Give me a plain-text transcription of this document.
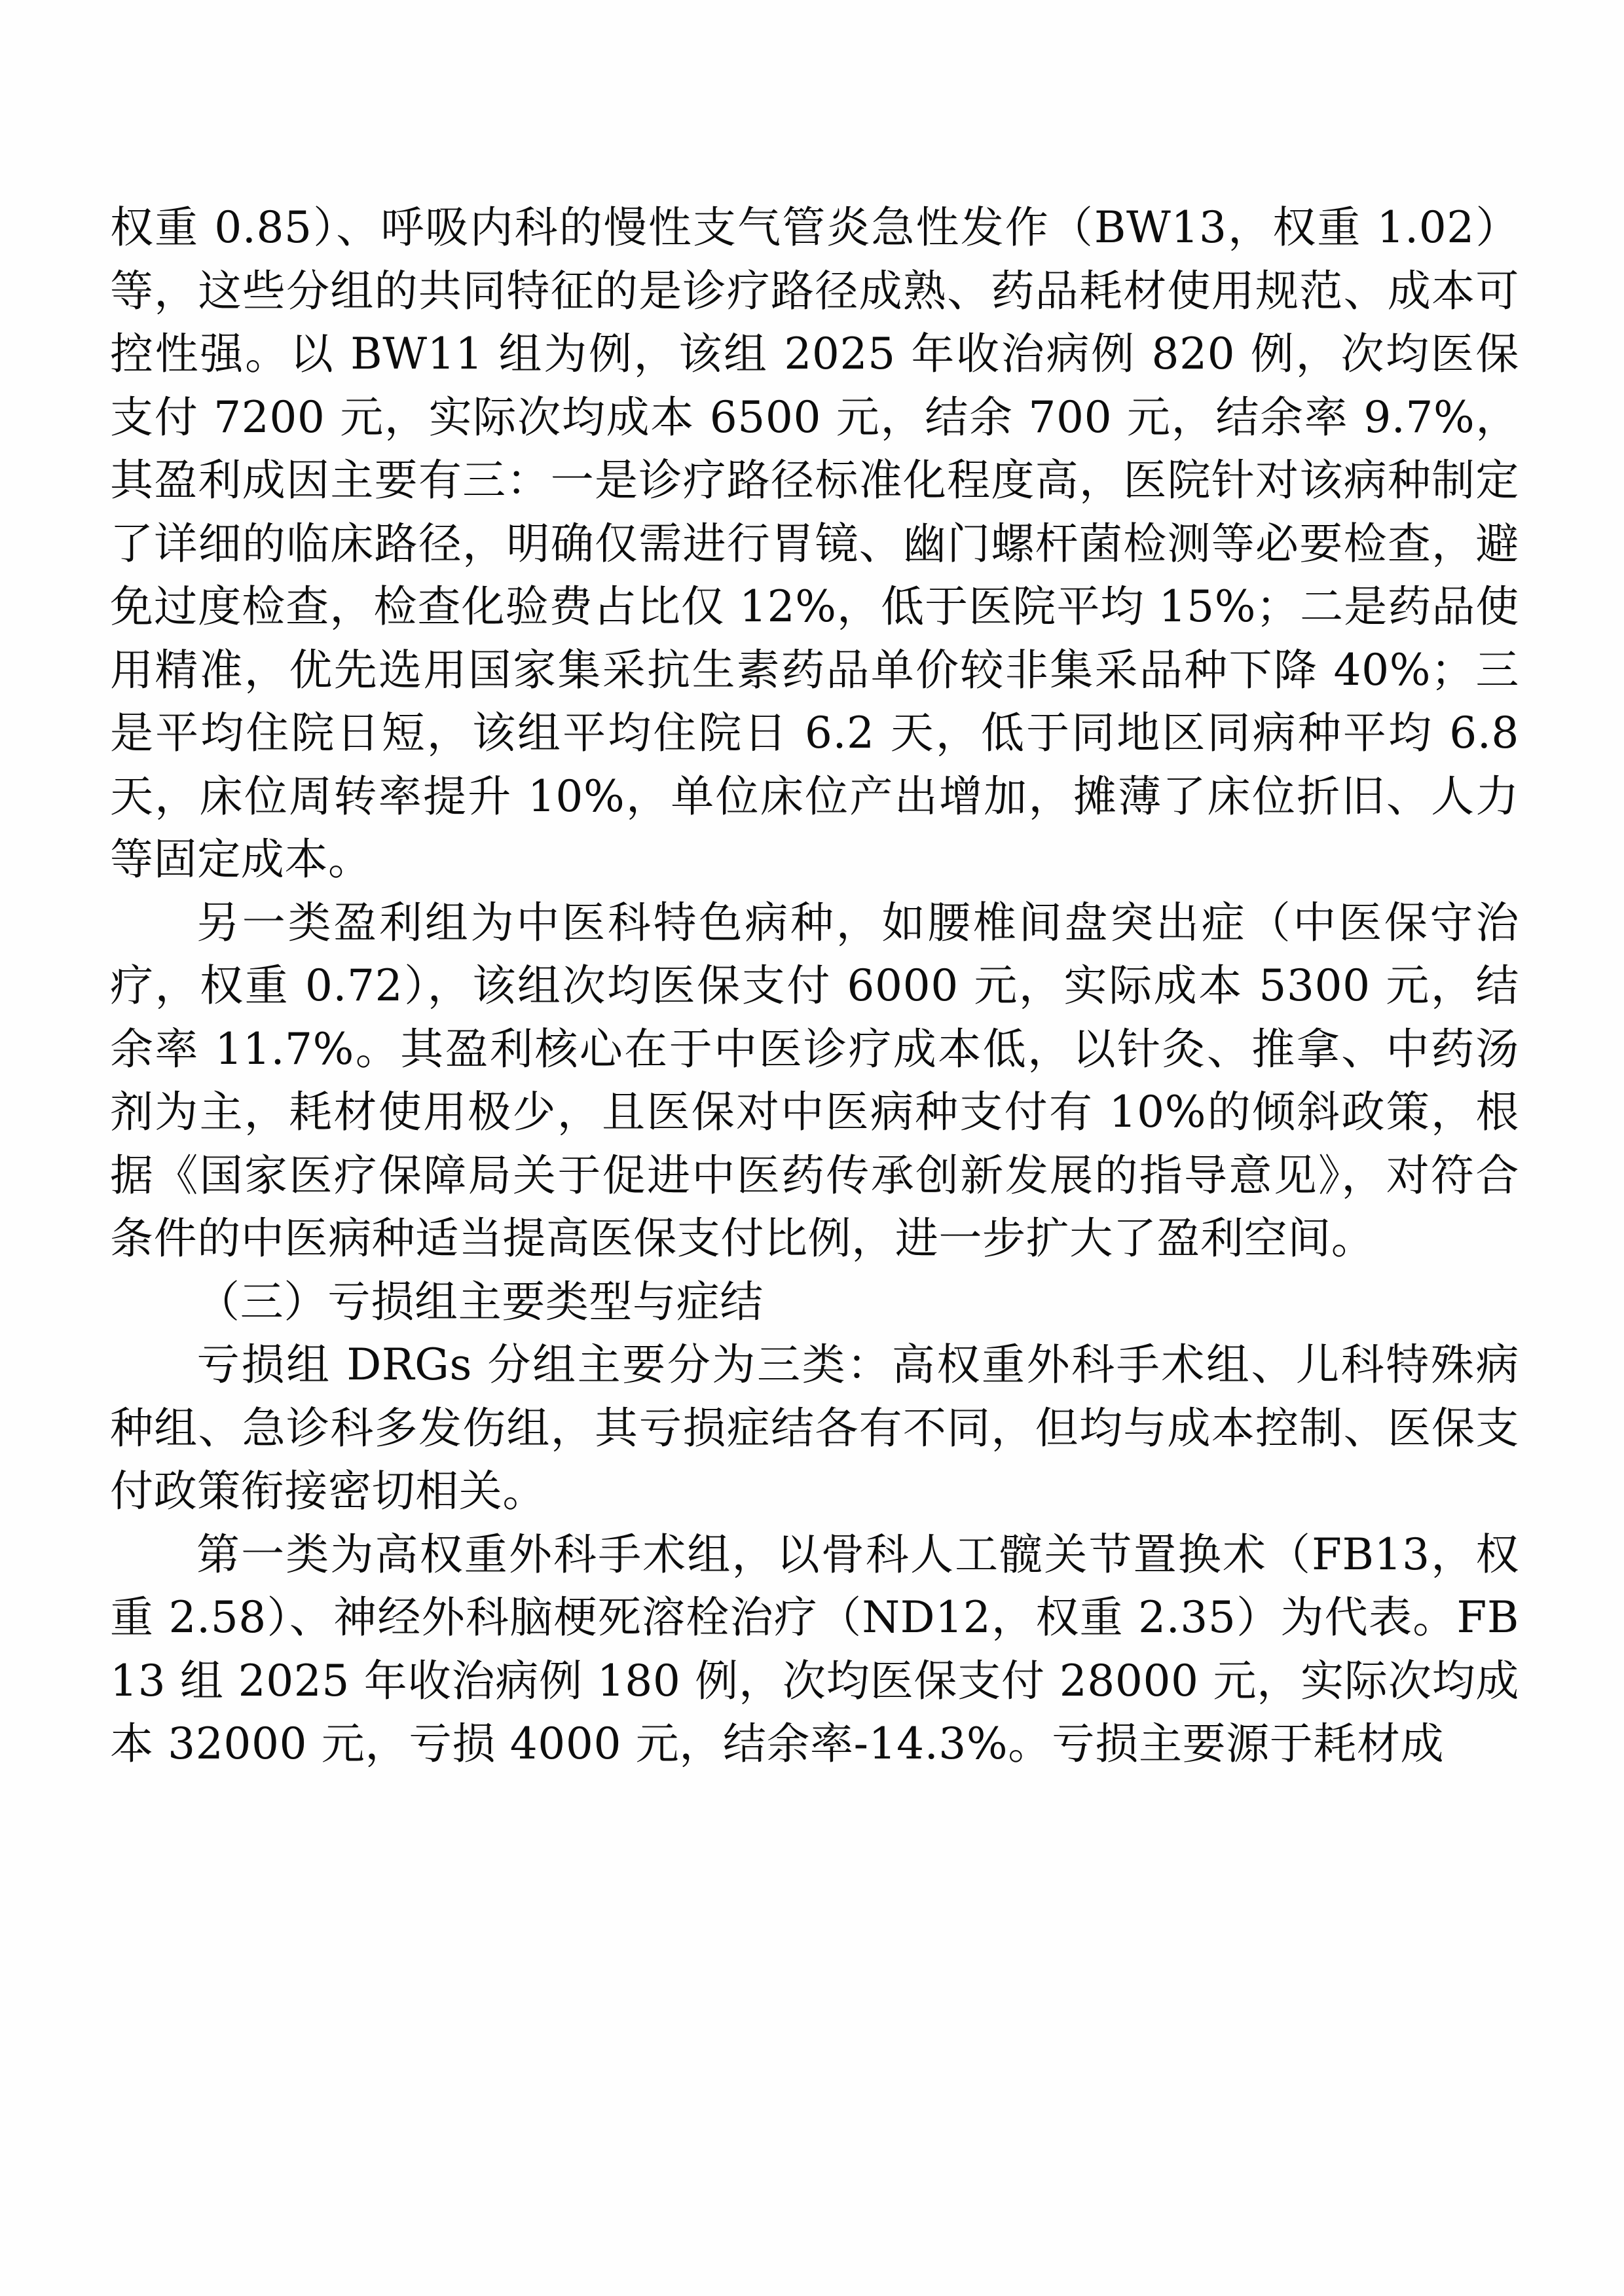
权重 0.85）、呼吸内科的慢性支气管炎急性发作（BW13，权重 1.02）等，这些分组的共同特征的是诊疗路径成熟、药品耗材使用规范、成本可控性强。以 BW11 组为例，该组 2025 年收治病例 820 例，次均医保支付 7200 元，实际次均成本 6500 元，结余 700 元，结余率 9.7%，其盈利成因主要有三：一是诊疗路径标准化程度高，医院针对该病种制定了详细的临床路径，明确仅需进行胃镜、幽门螺杆菌检测等必要检查，避免过度检查，检查化验费占比仅 12%，低于医院平均 15%；二是药品使用精准，优先选用国家集采抗生素药品单价较非集采品种下降 40%；三是平均住院日短，该组平均住院日 6.2 天，低于同地区同病种平均 6.8 天，床位周转率提升 10%，单位床位产出增加，摊薄了床位折旧、人力等固定成本。

另一类盈利组为中医科特色病种，如腰椎间盘突出症（中医保守治疗，权重 0.72），该组次均医保支付 6000 元，实际成本 5300 元，结余率 11.7%。其盈利核心在于中医诊疗成本低，以针灸、推拿、中药汤剂为主，耗材使用极少，且医保对中医病种支付有 10%的倾斜政策，根据《国家医疗保障局关于促进中医药传承创新发展的指导意见》，对符合条件的中医病种适当提高医保支付比例，进一步扩大了盈利空间。

（三）亏损组主要类型与症结

亏损组 DRGs 分组主要分为三类：高权重外科手术组、儿科特殊病种组、急诊科多发伤组，其亏损症结各有不同，但均与成本控制、医保支付政策衔接密切相关。

第一类为高权重外科手术组，以骨科人工髋关节置换术（FB13，权重 2.58）、神经外科脑梗死溶栓治疗（ND12，权重 2.35）为代表。FB13 组 2025 年收治病例 180 例，次均医保支付 28000 元，实际次均成本 32000 元，亏损 4000 元，结余率-14.3%。亏损主要源于耗材成
